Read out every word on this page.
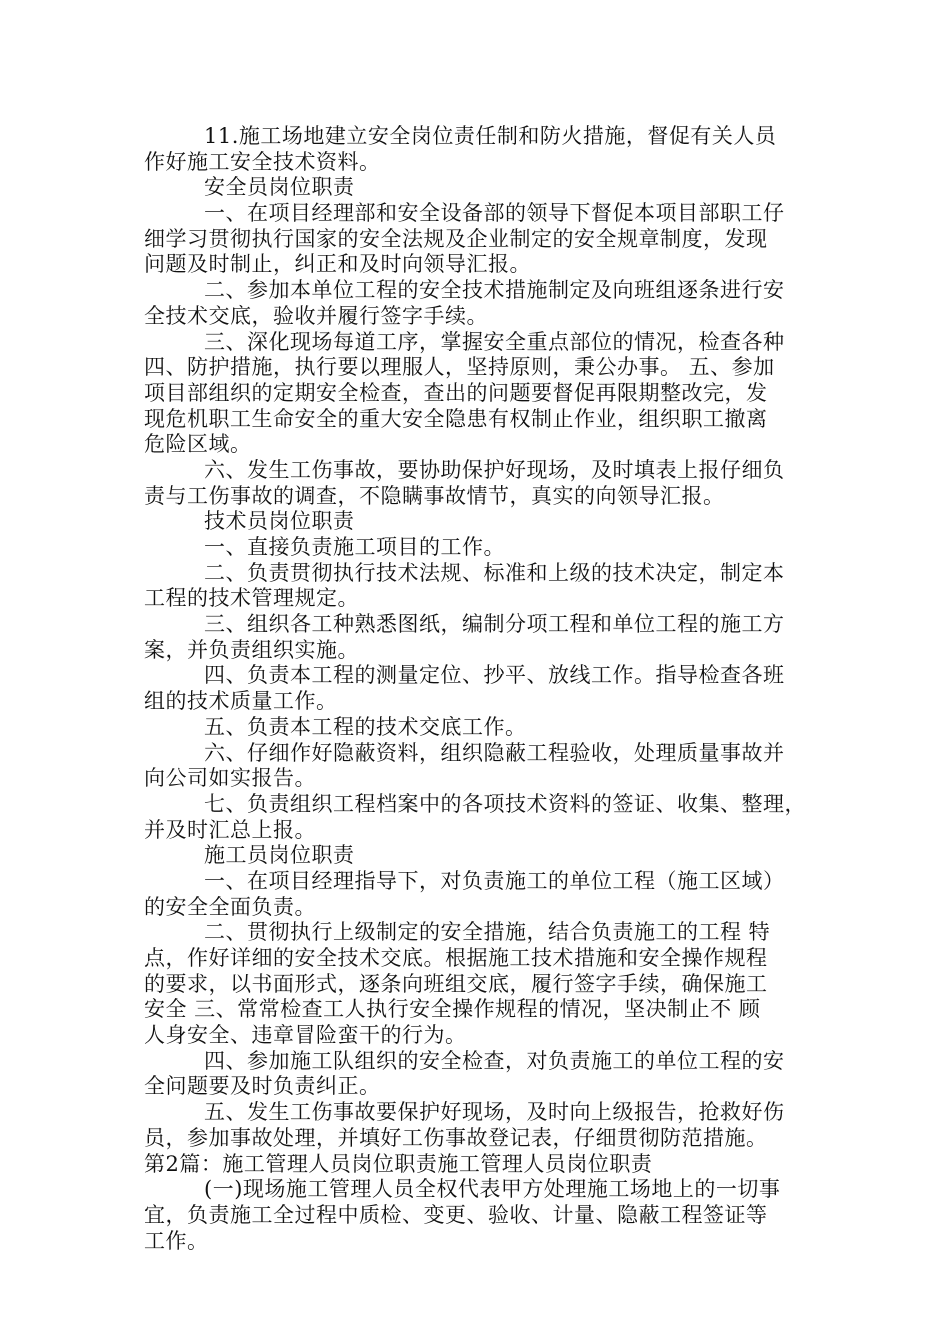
11.施工场地建立安全岗位责任制和防火措施，督促有关人员
作好施工安全技术资料。
安全员岗位职责
一、在项目经理部和安全设备部的领导下督促本项目部职工仔
细学习贯彻执行国家的安全法规及企业制定的安全规章制度，发现
问题及时制止，纠正和及时向领导汇报。
二、参加本单位工程的安全技术措施制定及向班组逐条进行安
全技术交底，验收并履行签字手续。
三、深化现场每道工序，掌握安全重点部位的情况，检查各种
四、防护措施，执行要以理服人，坚持原则，秉公办事。 五、参加
项目部组织的定期安全检查，查出的问题要督促再限期整改完，发
现危机职工生命安全的重大安全隐患有权制止作业，组织职工撤离
危险区域。
六、发生工伤事故，要协助保护好现场，及时填表上报仔细负
责与工伤事故的调查，不隐瞒事故情节，真实的向领导汇报。
技术员岗位职责
一、直接负责施工项目的工作。
二、负责贯彻执行技术法规、标准和上级的技术决定，制定本
工程的技术管理规定。
三、组织各工种熟悉图纸，编制分项工程和单位工程的施工方
案，并负责组织实施。
四、负责本工程的测量定位、抄平、放线工作。指导检查各班
组的技术质量工作。
五、负责本工程的技术交底工作。
六、仔细作好隐蔽资料，组织隐蔽工程验收，处理质量事故并
向公司如实报告。
七、负责组织工程档案中的各项技术资料的签证、收集、整理，
并及时汇总上报。
施工员岗位职责
一、在项目经理指导下，对负责施工的单位工程（施工区域）
的安全全面负责。
二、贯彻执行上级制定的安全措施，结合负责施工的工程 特
点，作好详细的安全技术交底。根据施工技术措施和安全操作规程
的要求，以书面形式，逐条向班组交底，履行签字手续，确保施工
安全 三、常常检查工人执行安全操作规程的情况，坚决制止不 顾
人身安全、违章冒险蛮干的行为。
四、参加施工队组织的安全检查，对负责施工的单位工程的安
全问题要及时负责纠正。
五、发生工伤事故要保护好现场，及时向上级报告，抢救好伤
员，参加事故处理，并填好工伤事故登记表，仔细贯彻防范措施。
第2篇：施工管理人员岗位职责施工管理人员岗位职责
(一)现场施工管理人员全权代表甲方处理施工场地上的一切事
宜，负责施工全过程中质检、变更、验收、计量、隐蔽工程签证等
工作。
